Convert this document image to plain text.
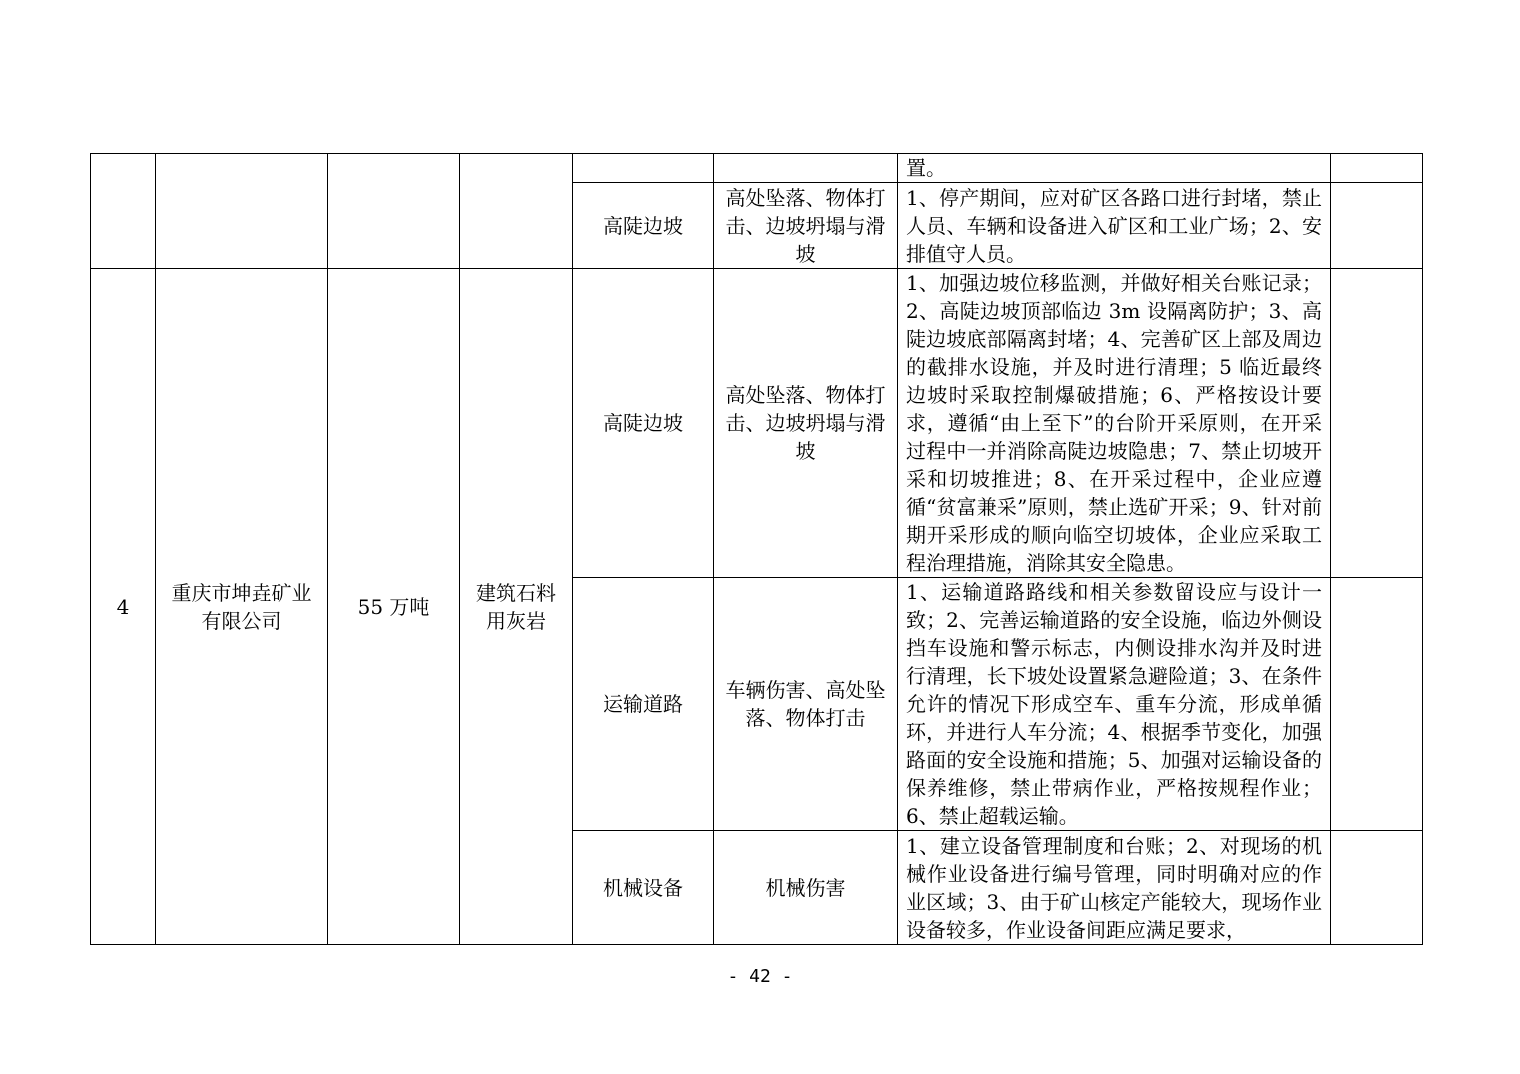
						置。	
				高陡边坡	高处坠落、物体打击、边坡坍塌与滑坡	1、停产期间，应对矿区各路口进行封堵，禁止人员、车辆和设备进入矿区和工业广场；2、安排值守人员。	
4	重庆市坤垚矿业有限公司	55 万吨	建筑石料用灰岩	高陡边坡	高处坠落、物体打击、边坡坍塌与滑坡	1、加强边坡位移监测，并做好相关台账记录；2、高陡边坡顶部临边 3m 设隔离防护；3、高陡边坡底部隔离封堵；4、完善矿区上部及周边的截排水设施，并及时进行清理；5 临近最终边坡时采取控制爆破措施；6、严格按设计要求，遵循“由上至下”的台阶开采原则，在开采过程中一并消除高陡边坡隐患；7、禁止切坡开采和切坡推进；8、在开采过程中，企业应遵循“贫富兼采”原则，禁止选矿开采；9、针对前期开采形成的顺向临空切坡体，企业应采取工程治理措施，消除其安全隐患。	
				运输道路	车辆伤害、高处坠落、物体打击	1、运输道路路线和相关参数留设应与设计一致；2、完善运输道路的安全设施，临边外侧设挡车设施和警示标志，内侧设排水沟并及时进行清理，长下坡处设置紧急避险道；3、在条件允许的情况下形成空车、重车分流，形成单循环，并进行人车分流；4、根据季节变化，加强路面的安全设施和措施；5、加强对运输设备的保养维修，禁止带病作业，严格按规程作业；6、禁止超载运输。	
				机械设备	机械伤害	1、建立设备管理制度和台账；2、对现场的机械作业设备进行编号管理，同时明确对应的作业区域；3、由于矿山核定产能较大，现场作业设备较多，作业设备间距应满足要求，	
- 42 -
